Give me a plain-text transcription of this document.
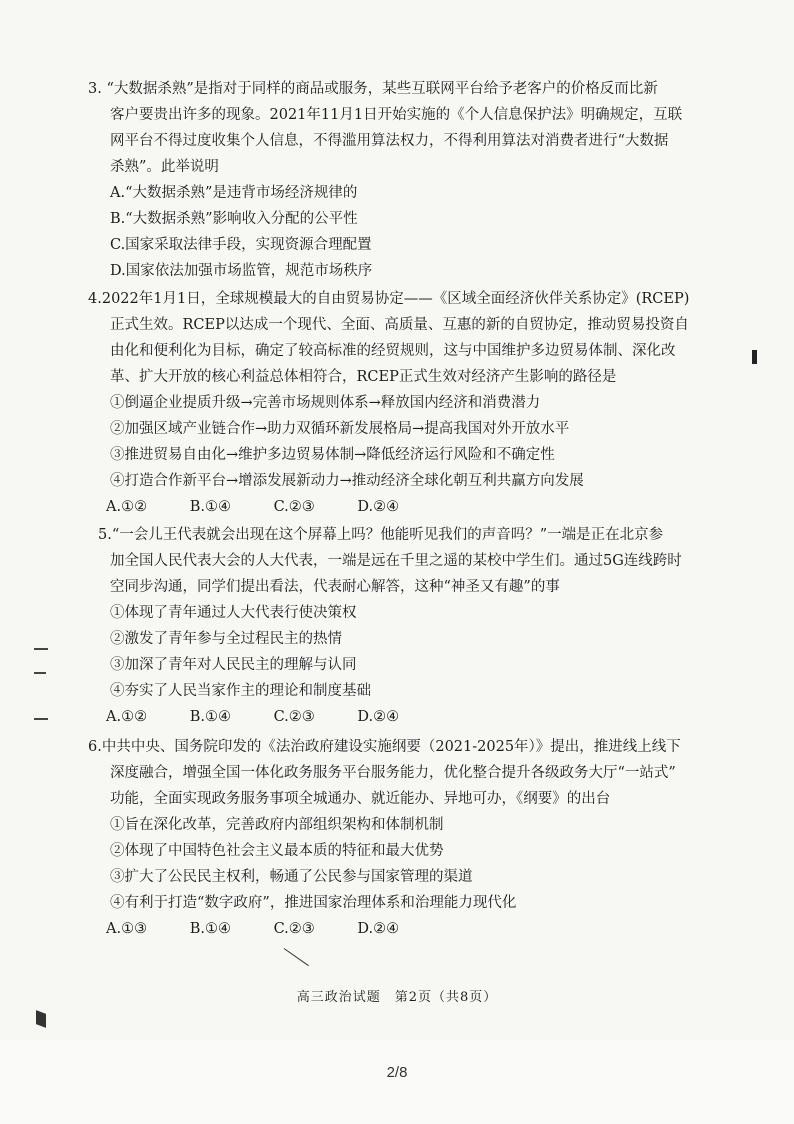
3. “大数据杀熟”是指对于同样的商品或服务，某些互联网平台给予老客户的价格反而比新
客户要贵出许多的现象。2021年11月1日开始实施的《个人信息保护法》明确规定，互联
网平台不得过度收集个人信息，不得滥用算法权力，不得利用算法对消费者进行“大数据
杀熟”。此举说明
A.“大数据杀熟”是违背市场经济规律的
B.“大数据杀熟”影响收入分配的公平性
C.国家采取法律手段，实现资源合理配置
D.国家依法加强市场监管，规范市场秩序
4.2022年1月1日，全球规模最大的自由贸易协定——《区域全面经济伙伴关系协定》(RCEP)
正式生效。RCEP以达成一个现代、全面、高质量、互惠的新的自贸协定，推动贸易投资自
由化和便利化为目标，确定了较高标准的经贸规则，这与中国维护多边贸易体制、深化改
革、扩大开放的核心利益总体相符合，RCEP正式生效对经济产生影响的路径是
①倒逼企业提质升级→完善市场规则体系→释放国内经济和消费潜力
②加强区域产业链合作→助力双循环新发展格局→提高我国对外开放水平
③推进贸易自由化→维护多边贸易体制→降低经济运行风险和不确定性
④打造合作新平台→增添发展新动力→推动经济全球化朝互利共赢方向发展
A.①②	B.①④	C.②③	D.②④
5.“一会儿王代表就会出现在这个屏幕上吗？他能听见我们的声音吗？”一端是正在北京参
加全国人民代表大会的人大代表，一端是远在千里之遥的某校中学生们。通过5G连线跨时
空同步沟通，同学们提出看法，代表耐心解答，这种“神圣又有趣”的事
①体现了青年通过人大代表行使决策权
②激发了青年参与全过程民主的热情
③加深了青年对人民民主的理解与认同
④夯实了人民当家作主的理论和制度基础
A.①②	B.①④	C.②③	D.②④
6.中共中央、国务院印发的《法治政府建设实施纲要（2021-2025年）》提出，推进线上线下
深度融合，增强全国一体化政务服务平台服务能力，优化整合提升各级政务大厅“一站式”
功能，全面实现政务服务事项全城通办、就近能办、异地可办，《纲要》的出台
①旨在深化改革，完善政府内部组织架构和体制机制
②体现了中国特色社会主义最本质的特征和最大优势
③扩大了公民民主权利，畅通了公民参与国家管理的渠道
④有利于打造“数字政府”，推进国家治理体系和治理能力现代化
A.①③	B.①④	C.②③	D.②④
高三政治试题　第2页（共8页）
2/8
